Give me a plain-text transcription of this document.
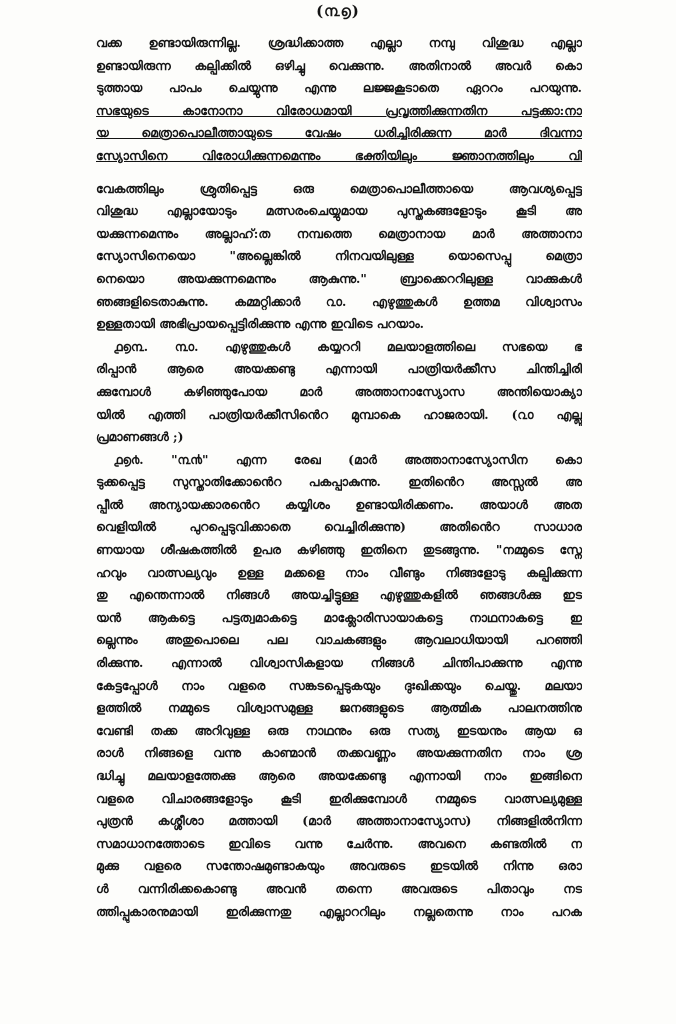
(൩൭)
വക്ക ഉണ്ടായിരുന്നില്ല. ശ്രദ്ധിക്കാത്ത എല്ലാ നമ്പു വിശുദ്ധ എല്ലാ
ഉണ്ടായിരുന്ന കല്പിക്കിൽ ഒഴിച്ചു വെക്കുന്നു. അതിനാൽ അവർ കൊ
ടുത്തായ പാപം ചെയ്യുന്നു എന്നു ലജ്ജകൂടാതെ ഏററം പറയുന്നു.
സഭയുടെ കാനോനാ വിരോധമായി പ്രവൃത്തിക്കുന്നതിന പട്ടക്കാ:നാ
യ മെത്രാപൊലീത്തായുടെ വേഷം ധരിച്ചിരിക്കുന്ന മാർ ദിവന്നാ
സ്യോസിനെ വിരോധിക്കുന്നമെന്നും ഭക്തിയിലും ജ്ഞാനത്തിലും വി
വേകത്തിലും ശ്രുതിപ്പെട്ട ഒരു മെത്രാപൊലീത്തായെ ആവശ്യപ്പെട്ട
വിശുദ്ധ എല്ലായോടും മത്സരംചെയ്യുമായ പുസ്തകങ്ങളോടും കൂടി അ
യക്കുന്നമെന്നും അല്ലാഹ്:ത നമ്പത്തെ മെത്രാനായ മാർ അത്താനാ
സ്യോസിനെയൊ "അല്ലെങ്കിൽ നിനവയിലുള്ള യൊസെപ്പു മെത്രാ
നെയൊ അയക്കുന്നമെന്നും ആകുന്നു." ബ്രാക്കെററിലുള്ള വാക്കുകൾ
ഞങ്ങളിടെതാകുന്നു. കമ്മറ്റിക്കാർ ൨൦. എഴുത്തുകൾ ഉത്തമ വിശ്വാസം
ഉള്ളതായി അഭിപ്രായപ്പെട്ടിരിക്കുന്നു എന്നു ഇവിടെ പറയാം.
൧൭൩. ൩൦. എഴുത്തുകൾ കയ്യററി മലയാളത്തിലെ സഭയെ ഭ
രിപ്പാൻ ആരെ അയക്കണ്ടു എന്നായി പാത്രിയർക്കീസ ചിന്തിച്ചിരി
ക്കുമ്പോൾ കഴിഞ്ഞുപോയ മാർ അത്താനാസ്യോസ അന്തിയൊക്യാ
യിൽ എത്തി പാത്രിയർക്കീസിൻെറ മുമ്പാകെ ഹാജരായി. (൨൦ എല്ലു
പ്രമാണങ്ങൾ ;)
൧൭൪. "൩൯" എന്ന രേഖ (മാർ അത്താനാസ്യോസിന കൊ
ടുക്കപ്പെട്ട സുസ്താതിക്കോൻെറ പകപ്പാകുന്നു. ഇതിൻെറ അസ്സൽ അ
പ്പീൽ അന്യായക്കാരൻെറ കയ്യിശം ഉണ്ടായിരിക്കണം. അയാൾ അത
വെളിയിൽ പുറപ്പെടുവിക്കാതെ വെച്ചിരിക്കുന്നു) അതിൻെറ സാധാര
ണയായ ശീഷകത്തിൽ ഉപര കഴിഞ്ഞു ഇതിനെ തുടങ്ങുന്നു. "നമ്മുടെ സ്നേ
ഹവും വാത്സല്യവും ഉള്ള മക്കളെ നാം വീണ്ടും നിങ്ങളോടു കല്പിക്കുന്ന
തു എന്തെന്നാൽ നിങ്ങൾ അയച്ചിട്ടുള്ള എഴുത്തുകളിൽ ഞങ്ങൾക്കു ഇട
യൻ ആകട്ടെ പട്ടത്വമാകട്ടെ മാക്ലോരിസായാകട്ടെ നാഥനാകട്ടെ ഇ
ല്ലെന്നും അതുപൊലെ പല വാചകങ്ങളും ആവലാധിയായി പറഞ്ഞി
രിക്കുന്നു. എന്നാൽ വിശ്വാസികളായ നിങ്ങൾ ചിന്തിപാക്കുന്നു എന്നു
കേട്ടപ്പോൾ നാം വളരെ സങ്കടപ്പെടുകയും ദുഃഖിക്കയും ചെയ്തു. മലയാ
ളത്തിൽ നമ്മുടെ വിശ്വാസമുള്ള ജനങ്ങളുടെ ആത്മിക പാലനത്തിനു
വേണ്ടി തക്ക അറിവുള്ള ഒരു നാഥനും ഒരു സത്യ ഇടയനും ആയ ഒ
രാൾ നിങ്ങളെ വന്നു കാണ്മാൻ തക്കവണ്ണം അയക്കുന്നതിന നാം ശ്ര
ദ്ധിച്ചു മലയാളത്തേക്കു ആരെ അയക്കേണ്ടു എന്നായി നാം ഇങ്ങിനെ
വളരെ വിചാരങ്ങളോടും കൂടി ഇരിക്കുമ്പോൾ നമ്മുടെ വാത്സല്യമുള്ള
പുത്രൻ കശ്ശീശാ മത്തായി (മാർ അത്താനാസ്യോസ) നിങ്ങളിൽനിന്ന
സമാധാനത്തോടെ ഇവിടെ വന്നു ചേർന്നു. അവനെ കണ്ടതിൽ ന
മുക്കു വളരെ സന്തോഷമുണ്ടാകയും അവരുടെ ഇടയിൽ നിന്നു ഒരാ
ൾ വന്നിരിക്കകൊണ്ടു അവൻ തന്നെ അവരുടെ പിതാവും നട
ത്തിപ്പുകാരനുമായി ഇരിക്കുന്നതു എല്ലാററിലും നല്ലതെന്നു നാം പറക
